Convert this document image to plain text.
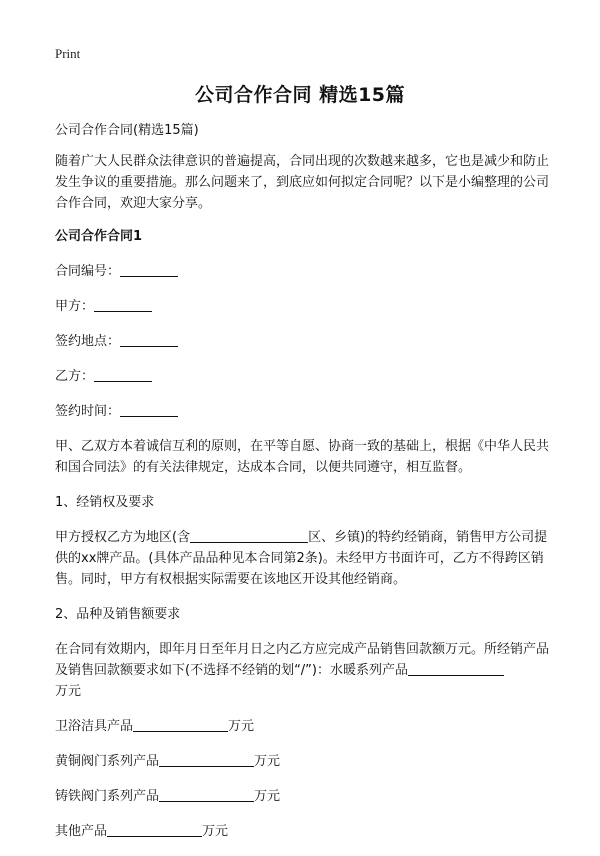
Print
公司合作合同 精选15篇

公司合作合同(精选15篇)

随着广大人民群众法律意识的普遍提高，合同出现的次数越来越多，它也是减少和防止发生争议的重要措施。那么问题来了，到底应如何拟定合同呢？以下是小编整理的公司合作合同，欢迎大家分享。

公司合作合同1

合同编号：
甲方：
签约地点：
乙方：
签约时间：

甲、乙双方本着诚信互利的原则，在平等自愿、协商一致的基础上，根据《中华人民共和国合同法》的有关法律规定，达成本合同，以便共同遵守，相互监督。

1、经销权及要求

甲方授权乙方为地区(含	区、乡镇)的特约经销商，销售甲方公司提供的xx牌产品。(具体产品品种见本合同第2条)。未经甲方书面许可，乙方不得跨区销售。同时，甲方有权根据实际需要在该地区开设其他经销商。

2、品种及销售额要求

在合同有效期内，即年月日至年月日之内乙方应完成产品销售回款额万元。所经销产品及销售回款额要求如下(不选择不经销的划“/”)：水暖系列产品
万元

卫浴洁具产品	万元
黄铜阀门系列产品	万元
铸铁阀门系列产品	万元
其他产品	万元
